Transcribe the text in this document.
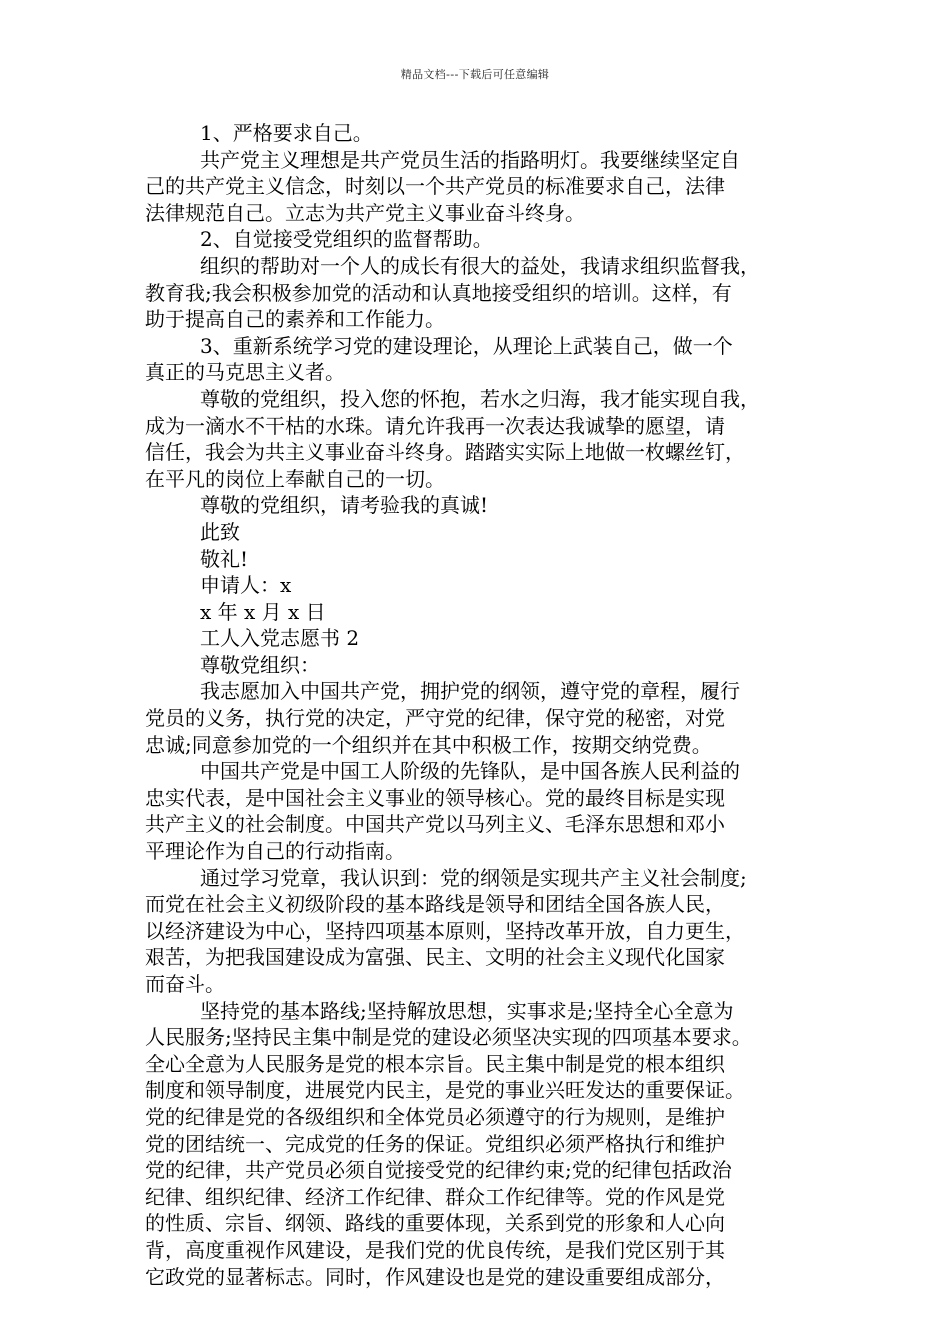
精品文档---下载后可任意编辑
1、严格要求自己。
共产党主义理想是共产党员生活的指路明灯。我要继续坚定自
己的共产党主义信念，时刻以一个共产党员的标准要求自己，法律
法律规范自己。立志为共产党主义事业奋斗终身。
2、自觉接受党组织的监督帮助。
组织的帮助对一个人的成长有很大的益处，我请求组织监督我，
教育我;我会积极参加党的活动和认真地接受组织的培训。这样，有
助于提高自己的素养和工作能力。
3、重新系统学习党的建设理论，从理论上武装自己，做一个
真正的马克思主义者。
尊敬的党组织，投入您的怀抱，若水之归海，我才能实现自我，
成为一滴水不干枯的水珠。请允许我再一次表达我诚挚的愿望，请
信任，我会为共主义事业奋斗终身。踏踏实实际上地做一枚螺丝钉，
在平凡的岗位上奉献自己的一切。
尊敬的党组织，请考验我的真诚!
此致
敬礼!
申请人：x
x 年 x 月 x 日
工人入党志愿书 2
尊敬党组织：
我志愿加入中国共产党，拥护党的纲领，遵守党的章程，履行
党员的义务，执行党的决定，严守党的纪律，保守党的秘密，对党
忠诚;同意参加党的一个组织并在其中积极工作，按期交纳党费。
中国共产党是中国工人阶级的先锋队，是中国各族人民利益的
忠实代表，是中国社会主义事业的领导核心。党的最终目标是实现
共产主义的社会制度。中国共产党以马列主义、毛泽东思想和邓小
平理论作为自己的行动指南。
通过学习党章，我认识到：党的纲领是实现共产主义社会制度;
而党在社会主义初级阶段的基本路线是领导和团结全国各族人民，
以经济建设为中心，坚持四项基本原则，坚持改革开放，自力更生，
艰苦，为把我国建设成为富强、民主、文明的社会主义现代化国家
而奋斗。
坚持党的基本路线;坚持解放思想，实事求是;坚持全心全意为
人民服务;坚持民主集中制是党的建设必须坚决实现的四项基本要求。
全心全意为人民服务是党的根本宗旨。民主集中制是党的根本组织
制度和领导制度，进展党内民主，是党的事业兴旺发达的重要保证。
党的纪律是党的各级组织和全体党员必须遵守的行为规则，是维护
党的团结统一、完成党的任务的保证。党组织必须严格执行和维护
党的纪律，共产党员必须自觉接受党的纪律约束;党的纪律包括政治
纪律、组织纪律、经济工作纪律、群众工作纪律等。党的作风是党
的性质、宗旨、纲领、路线的重要体现，关系到党的形象和人心向
背，高度重视作风建设，是我们党的优良传统，是我们党区别于其
它政党的显著标志。同时，作风建设也是党的建设重要组成部分，
